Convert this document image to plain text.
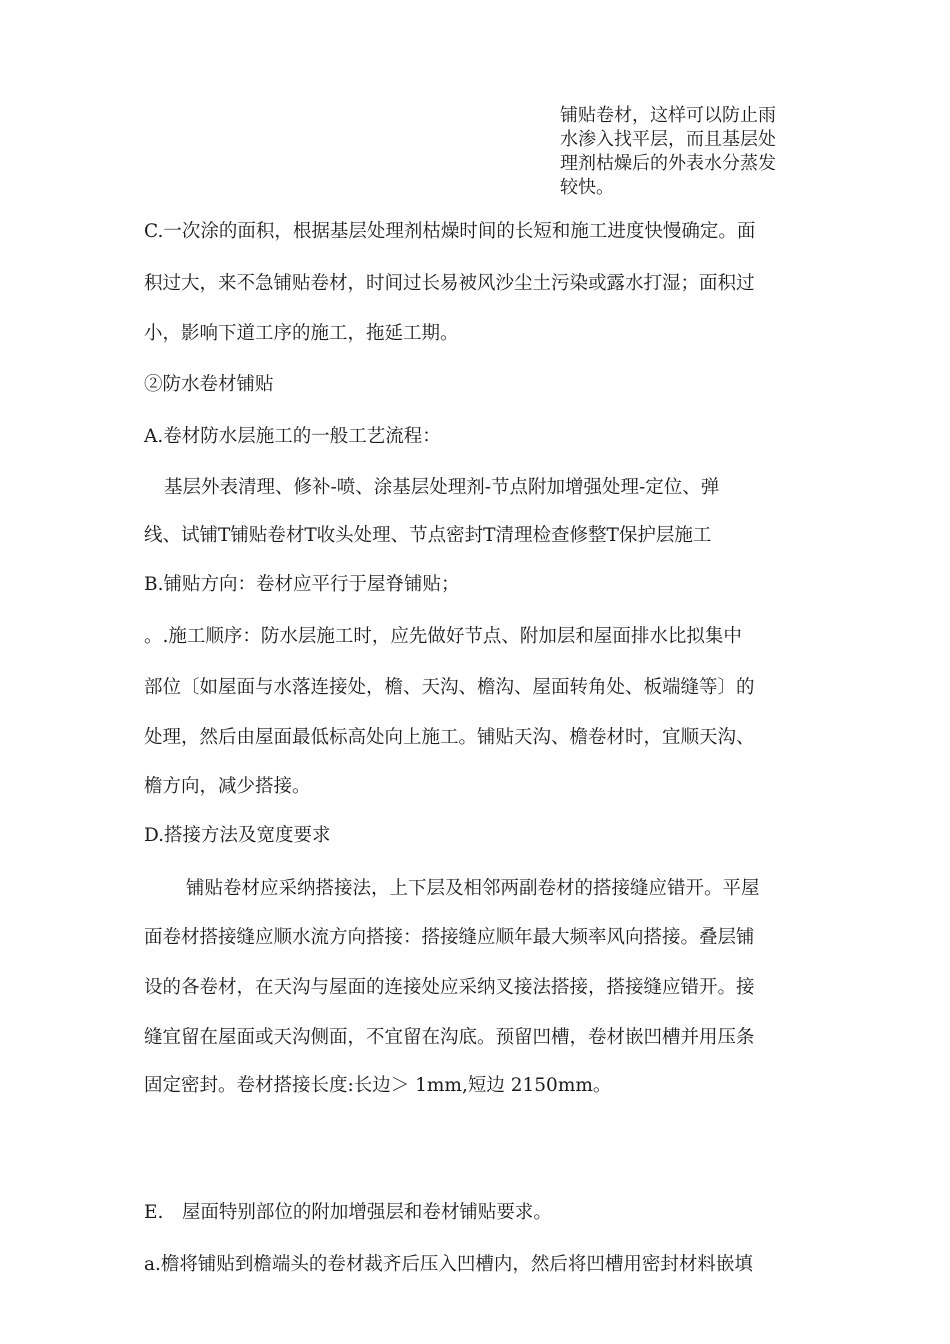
铺贴卷材，这样可以防止雨
水渗入找平层，而且基层处
理剂枯燥后的外表水分蒸发
较快。
C.一次涂的面积，根据基层处理剂枯燥时间的长短和施工进度快慢确定。面
积过大，来不急铺贴卷材，时间过长易被风沙尘土污染或露水打湿；面积过
小，影响下道工序的施工，拖延工期。
②防水卷材铺贴
A.卷材防水层施工的一般工艺流程：
基层外表清理、修补-喷、涂基层处理剂-节点附加增强处理-定位、弹
线、试铺T铺贴卷材T收头处理、节点密封T清理检查修整T保护层施工
B.铺贴方向：卷材应平行于屋脊铺贴；
。.施工顺序：防水层施工时，应先做好节点、附加层和屋面排水比拟集中
部位〔如屋面与水落连接处，檐、天沟、檐沟、屋面转角处、板端缝等〕的
处理，然后由屋面最低标高处向上施工。铺贴天沟、檐卷材时，宜顺天沟、
檐方向，减少搭接。
D.搭接方法及宽度要求
铺贴卷材应采纳搭接法，上下层及相邻两副卷材的搭接缝应错开。平屋
面卷材搭接缝应顺水流方向搭接：搭接缝应顺年最大频率风向搭接。叠层铺
设的各卷材，在天沟与屋面的连接处应采纳叉接法搭接，搭接缝应错开。接
缝宜留在屋面或天沟侧面，不宜留在沟底。预留凹槽，卷材嵌凹槽并用压条
固定密封。卷材搭接长度:长边＞ 1mm,短边 2150mm。
E.　屋面特别部位的附加增强层和卷材铺贴要求。
a.檐将铺贴到檐端头的卷材裁齐后压入凹槽内，然后将凹槽用密封材料嵌填
